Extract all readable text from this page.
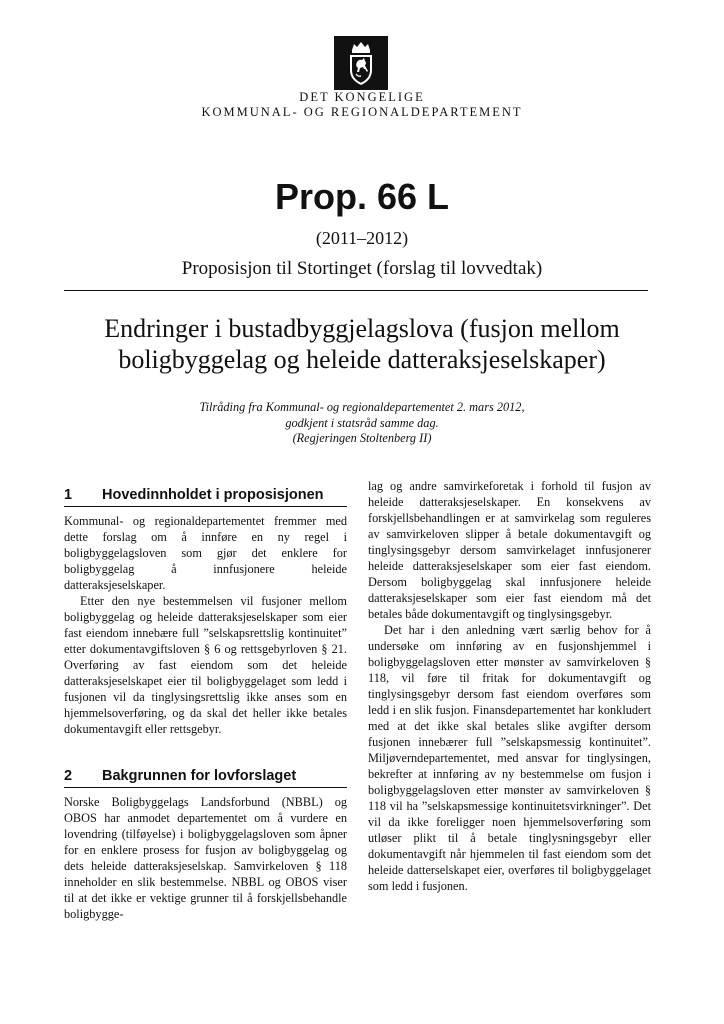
DET KONGELIGE
KOMMUNAL- OG REGIONALDEPARTEMENT
Prop. 66 L
(2011–2012)
Proposisjon til Stortinget (forslag til lovvedtak)
Endringer i bustadbyggjelagslova (fusjon mellom
boligbyggelag og heleide datteraksjeselskaper)
Tilråding fra Kommunal- og regionaldepartementet 2. mars 2012,
godkjent i statsråd samme dag.
(Regjeringen Stoltenberg II)
1 Hovedinnholdet i proposisjonen

Kommunal- og regionaldepartementet fremmer med dette forslag om å innføre en ny regel i boligbyggelagsloven som gjør det enklere for boligbyggelag å innfusjonere heleide datteraksjeselskaper.

Etter den nye bestemmelsen vil fusjoner mellom boligbyggelag og heleide datteraksjeselskaper som eier fast eiendom innebære full ”selskapsrettslig kontinuitet” etter dokumentavgiftsloven § 6 og rettsgebyrloven § 21. Overføring av fast eiendom som det heleide datteraksjeselskapet eier til boligbyggelaget som ledd i fusjonen vil da tinglysingsrettslig ikke anses som en hjemmelsoverføring, og da skal det heller ikke betales dokumentavgift eller rettsgebyr.

2 Bakgrunnen for lovforslaget

Norske Boligbyggelags Landsforbund (NBBL) og OBOS har anmodet departementet om å vurdere en lovendring (tilføyelse) i boligbyggelagsloven som åpner for en enklere prosess for fusjon av boligbyggelag og dets heleide datteraksjeselskap. Samvirkeloven § 118 inneholder en slik bestemmelse. NBBL og OBOS viser til at det ikke er vektige grunner til å forskjellsbehandle boligbygge-

lag og andre samvirkeforetak i forhold til fusjon av heleide datteraksjeselskaper. En konsekvens av forskjellsbehandlingen er at samvirkelag som reguleres av samvirkeloven slipper å betale dokumentavgift og tinglysingsgebyr dersom samvirkelaget innfusjonerer heleide datteraksjeselskaper som eier fast eiendom. Dersom boligbyggelag skal innfusjonere heleide datteraksjeselskaper som eier fast eiendom må det betales både dokumentavgift og tinglysingsgebyr.

Det har i den anledning vært særlig behov for å undersøke om innføring av en fusjonshjemmel i boligbyggelagsloven etter mønster av samvirkeloven § 118, vil føre til fritak for dokumentavgift og tinglysingsgebyr dersom fast eiendom overføres som ledd i en slik fusjon. Finansdepartementet har konkludert med at det ikke skal betales slike avgifter dersom fusjonen innebærer full ”selskapsmessig kontinuitet”. Miljøverndepartementet, med ansvar for tinglysingen, bekrefter at innføring av ny bestemmelse om fusjon i boligbyggelagsloven etter mønster av samvirkeloven § 118 vil ha ”selskapsmessige kontinuitetsvirkninger”. Det vil da ikke foreligger noen hjemmelsoverføring som utløser plikt til å betale tinglysningsgebyr eller dokumentavgift når hjemmelen til fast eiendom som det heleide datterselskapet eier, overføres til boligbyggelaget som ledd i fusjonen.
